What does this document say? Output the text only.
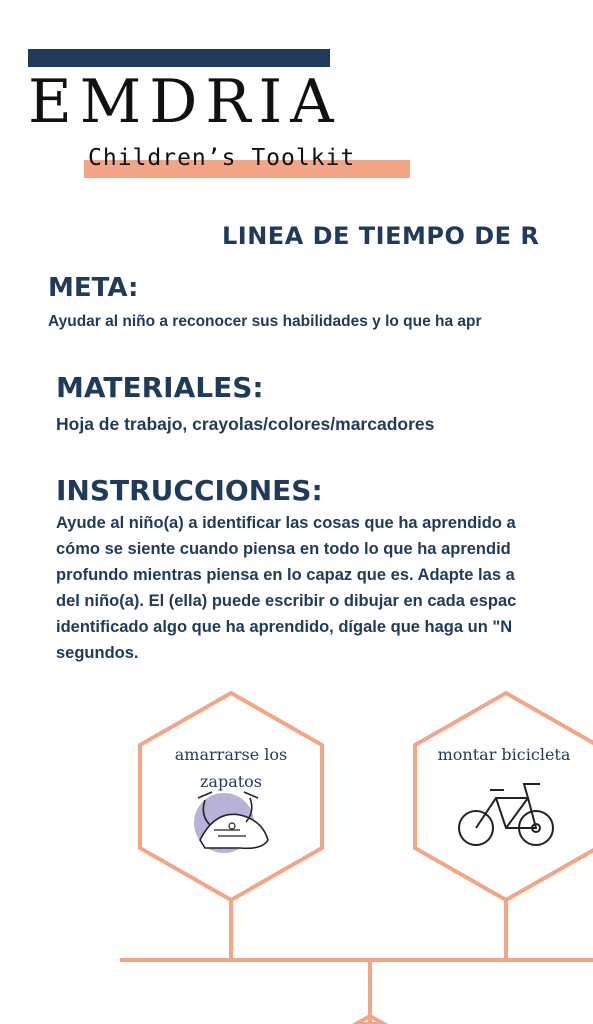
EMDRIA
Children’s Toolkit
LINEA DE TIEMPO DE R
META:
Ayudar al niño a reconocer sus habilidades y lo que ha apr
MATERIALES:
Hoja de trabajo, crayolas/colores/marcadores
INSTRUCCIONES:
Ayude al niño(a) a identificar las cosas que ha aprendido a
cómo se siente cuando piensa en todo lo que ha aprendid
profundo mientras piensa en lo capaz que es. Adapte las a
del niño(a). El (ella) puede escribir o dibujar en cada espac
identificado algo que ha aprendido, dígale que haga un "N
segundos.
amarrarse los
zapatos
montar bicicleta
